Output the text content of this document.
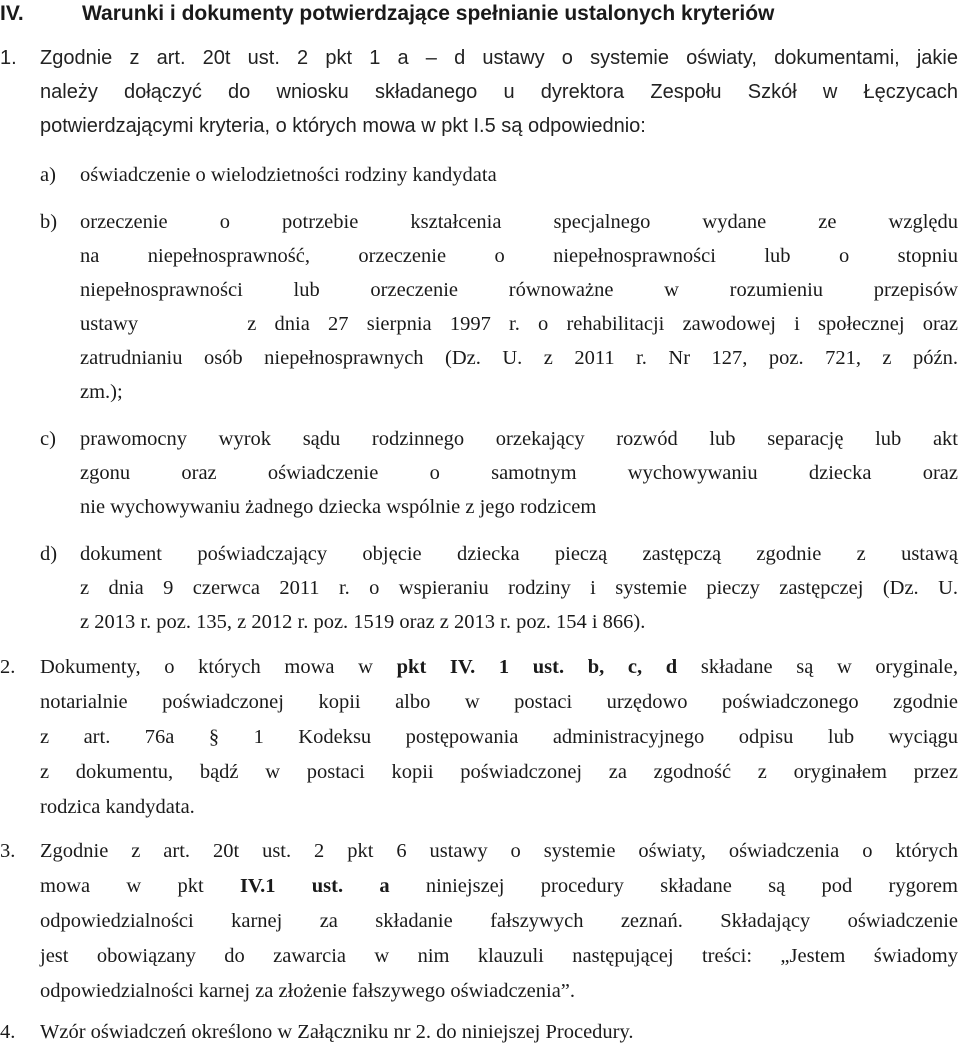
IV.	Warunki i dokumenty potwierdzające spełnianie ustalonych kryteriów
1.	Zgodnie z art. 20t ust. 2 pkt 1 a – d ustawy o systemie oświaty, dokumentami, jakie
należy dołączyć do wniosku składanego u dyrektora Zespołu Szkół w Łęczycach
potwierdzającymi kryteria, o których mowa w pkt I.5 są odpowiednio:
a) oświadczenie o wielodzietności rodziny kandydata
b) orzeczenie o potrzebie kształcenia specjalnego wydane ze względu
na niepełnosprawność, orzeczenie o niepełnosprawności lub o stopniu
niepełnosprawności lub orzeczenie równoważne w rozumieniu przepisów
ustawy      z dnia 27 sierpnia 1997 r. o rehabilitacji zawodowej i społecznej oraz
zatrudnianiu osób niepełnosprawnych (Dz. U. z 2011 r. Nr 127, poz. 721, z późn.
zm.);
c) prawomocny wyrok sądu rodzinnego orzekający rozwód lub separację lub akt
zgonu oraz oświadczenie o samotnym wychowywaniu dziecka oraz
nie wychowywaniu żadnego dziecka wspólnie z jego rodzicem
d) dokument poświadczający objęcie dziecka pieczą zastępczą zgodnie z ustawą
z dnia 9 czerwca 2011 r. o wspieraniu rodziny i systemie pieczy zastępczej (Dz. U.
z 2013 r. poz. 135, z 2012 r. poz. 1519 oraz z 2013 r. poz. 154 i 866).
2. Dokumenty, o których mowa w pkt IV. 1 ust. b, c, d składane są w oryginale,
notarialnie poświadczonej kopii albo w postaci urzędowo poświadczonego zgodnie
z art. 76a § 1 Kodeksu postępowania administracyjnego odpisu lub wyciągu
z dokumentu, bądź w postaci kopii poświadczonej za zgodność z oryginałem przez
rodzica kandydata.
3. Zgodnie z art. 20t ust. 2 pkt 6 ustawy o systemie oświaty, oświadczenia o których
mowa w pkt IV.1 ust. a niniejszej procedury składane są pod rygorem
odpowiedzialności karnej za składanie fałszywych zeznań. Składający oświadczenie
jest obowiązany do zawarcia w nim klauzuli następującej treści: „Jestem świadomy
odpowiedzialności karnej za złożenie fałszywego oświadczenia”.
4. Wzór oświadczeń określono w Załączniku nr 2. do niniejszej Procedury.
